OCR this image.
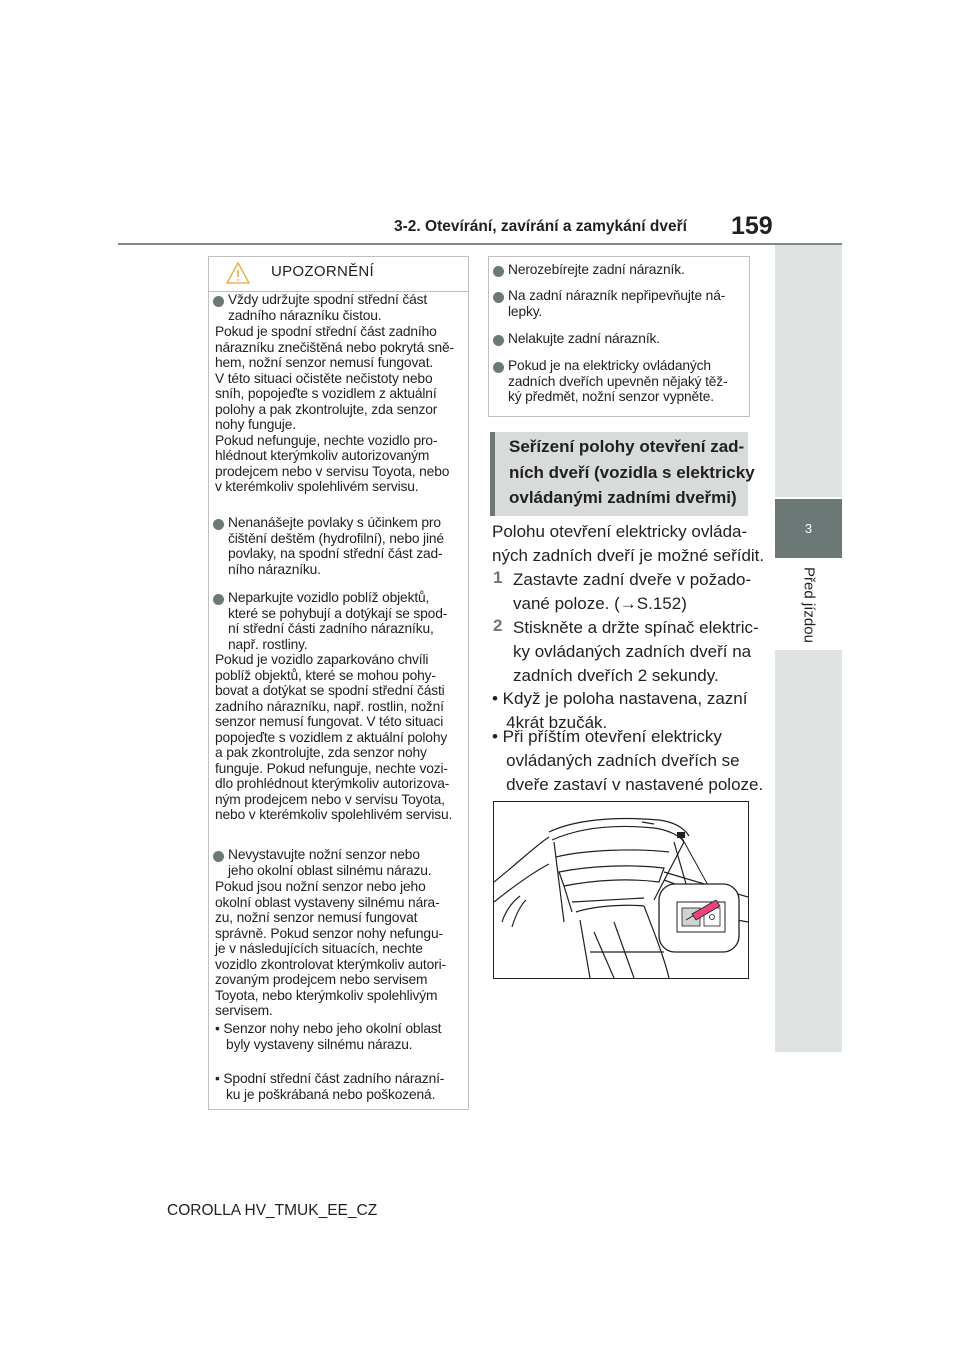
3-2. Otevírání, zavírání a zamykání dveří 159
3
Před jízdou
UPOZORNĚNÍ
Vždy udržujte spodní střední část
zadního nárazníku čistou.
Pokud je spodní střední část zadního
nárazníku znečištěná nebo pokrytá sně-
hem, nožní senzor nemusí fungovat.
V této situaci očistěte nečistoty nebo
sníh, popojeďte s vozidlem z aktuální
polohy a pak zkontrolujte, zda senzor
nohy funguje.
Pokud nefunguje, nechte vozidlo pro-
hlédnout kterýmkoliv autorizovaným
prodejcem nebo v servisu Toyota, nebo
v kterémkoliv spolehlivém servisu.
Nenanášejte povlaky s účinkem pro
čištění deštěm (hydrofilní), nebo jiné
povlaky, na spodní střední část zad-
ního nárazníku.
Neparkujte vozidlo poblíž objektů,
které se pohybují a dotýkají se spod-
ní střední části zadního nárazníku,
např. rostliny.
Pokud je vozidlo zaparkováno chvíli
poblíž objektů, které se mohou pohy-
bovat a dotýkat se spodní střední části
zadního nárazníku, např. rostlin, nožní
senzor nemusí fungovat. V této situaci
popojeďte s vozidlem z aktuální polohy
a pak zkontrolujte, zda senzor nohy
funguje. Pokud nefunguje, nechte vozi-
dlo prohlédnout kterýmkoliv autorizova-
ným prodejcem nebo v servisu Toyota,
nebo v kterémkoliv spolehlivém servisu.
Nevystavujte nožní senzor nebo
jeho okolní oblast silnému nárazu.
Pokud jsou nožní senzor nebo jeho
okolní oblast vystaveny silnému nára-
zu, nožní senzor nemusí fungovat
správně. Pokud senzor nohy nefungu-
je v následujících situacích, nechte
vozidlo zkontrolovat kterýmkoliv autori-
zovaným prodejcem nebo servisem
Toyota, nebo kterýmkoliv spolehlivým
servisem.
• Senzor nohy nebo jeho okolní oblast
byly vystaveny silnému nárazu.
• Spodní střední část zadního nárazní-
ku je poškrábaná nebo poškozená.
Nerozebírejte zadní nárazník.
Na zadní nárazník nepřipevňujte ná-
lepky.
Nelakujte zadní nárazník.
Pokud je na elektricky ovládaných
zadních dveřích upevněn nějaký těž-
ký předmět, nožní senzor vypněte.
Seřízení polohy otevření zad-
ních dveří (vozidla s elektricky
ovládanými zadními dveřmi)
Polohu otevření elektricky ovláda-
ných zadních dveří je možné seřídit.
1 Zastavte zadní dveře v požado-
vané poloze. (→S.152)
2 Stiskněte a držte spínač elektric-
ky ovládaných zadních dveří na
zadních dveřích 2 sekundy.
• Když je poloha nastavena, zazní
4krát bzučák.
• Při příštím otevření elektricky
ovládaných zadních dveřích se
dveře zastaví v nastavené poloze.
COROLLA HV_TMUK_EE_CZ
